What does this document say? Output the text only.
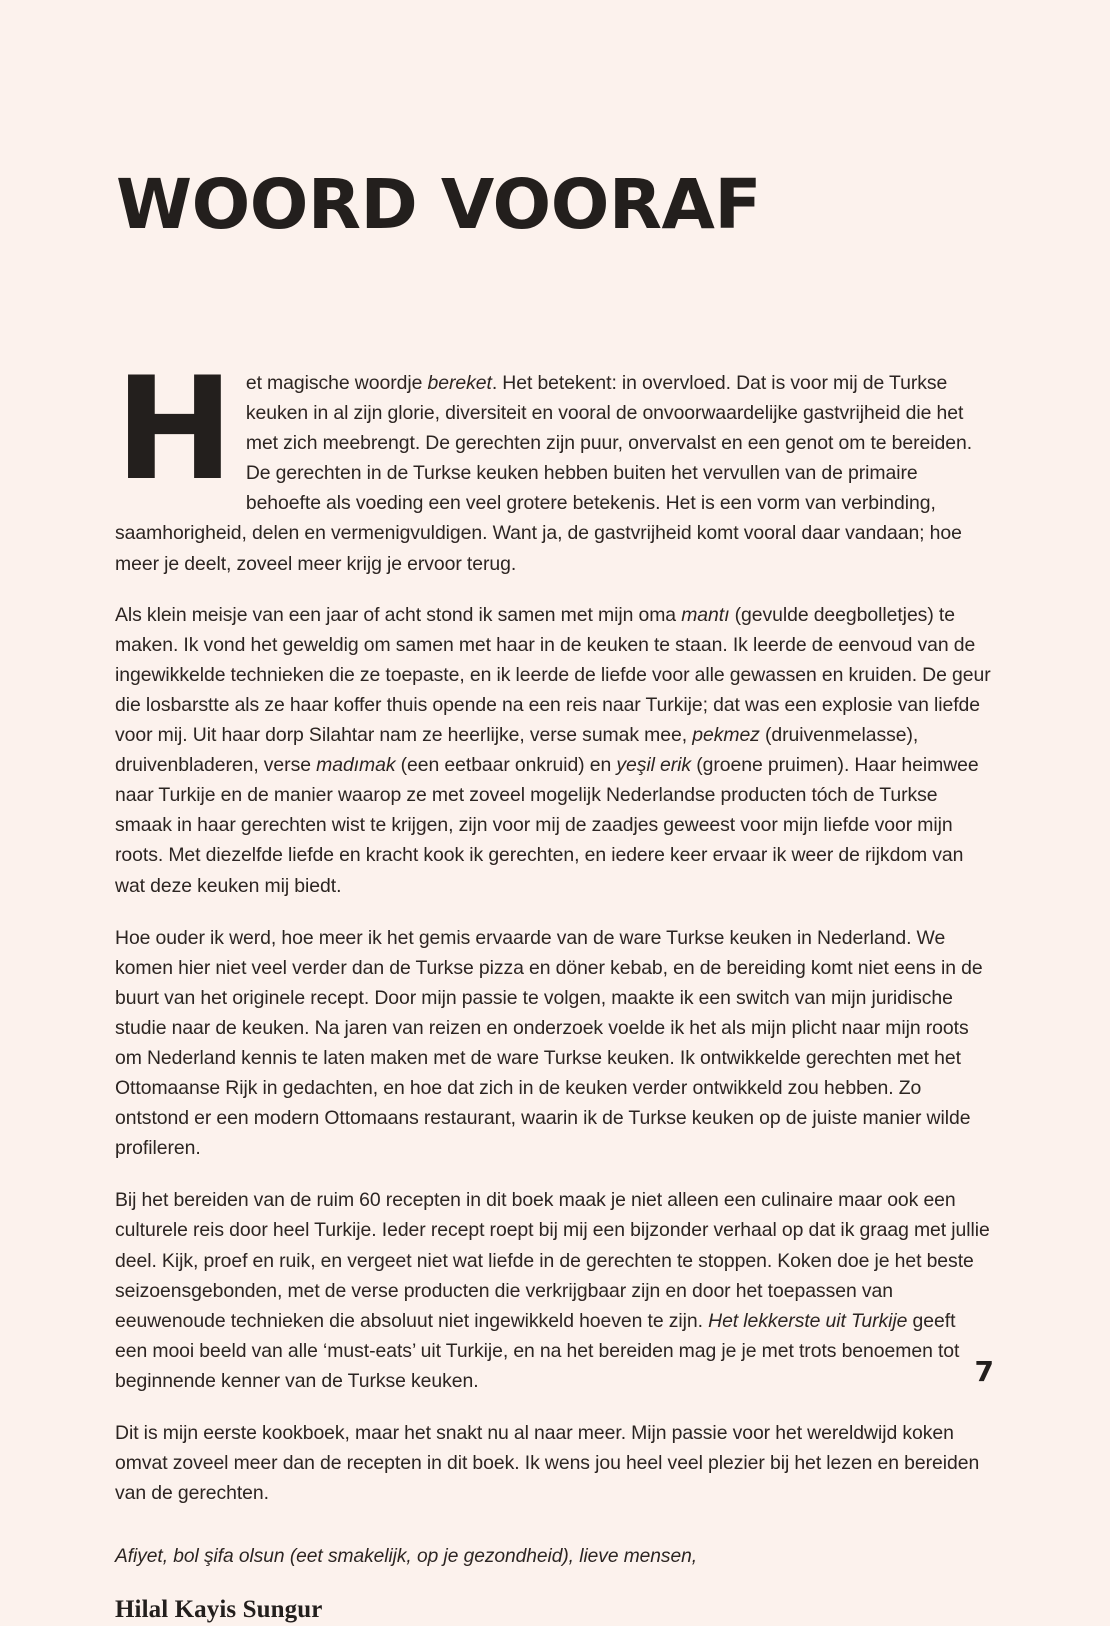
WOORD VOORAF

Het magische woordje bereket. Het betekent: in overvloed. Dat is voor mij de Turkse keuken in al zijn glorie, diversiteit en vooral de onvoorwaardelijke gastvrijheid die het met zich meebrengt. De gerechten zijn puur, onvervalst en een genot om te bereiden. De gerechten in de Turkse keuken hebben buiten het vervullen van de primaire behoefte als voeding een veel grotere betekenis. Het is een vorm van verbinding, saamhorigheid, delen en vermenigvuldigen. Want ja, de gastvrijheid komt vooral daar vandaan; hoe meer je deelt, zoveel meer krijg je ervoor terug.

Als klein meisje van een jaar of acht stond ik samen met mijn oma mantı (gevulde deegbolletjes) te maken. Ik vond het geweldig om samen met haar in de keuken te staan. Ik leerde de eenvoud van de ingewikkelde technieken die ze toepaste, en ik leerde de liefde voor alle gewassen en kruiden. De geur die losbarstte als ze haar koffer thuis opende na een reis naar Turkije; dat was een explosie van liefde voor mij. Uit haar dorp Silahtar nam ze heerlijke, verse sumak mee, pekmez (druivenmelasse), druivenbladeren, verse madımak (een eetbaar onkruid) en yeşil erik (groene pruimen). Haar heimwee naar Turkije en de manier waarop ze met zoveel mogelijk Nederlandse producten tóch de Turkse smaak in haar gerechten wist te krijgen, zijn voor mij de zaadjes geweest voor mijn liefde voor mijn roots. Met diezelfde liefde en kracht kook ik gerechten, en iedere keer ervaar ik weer de rijkdom van wat deze keuken mij biedt.

Hoe ouder ik werd, hoe meer ik het gemis ervaarde van de ware Turkse keuken in Nederland. We komen hier niet veel verder dan de Turkse pizza en döner kebab, en de bereiding komt niet eens in de buurt van het originele recept. Door mijn passie te volgen, maakte ik een switch van mijn juridische studie naar de keuken. Na jaren van reizen en onderzoek voelde ik het als mijn plicht naar mijn roots om Nederland kennis te laten maken met de ware Turkse keuken. Ik ontwikkelde gerechten met het Ottomaanse Rijk in gedachten, en hoe dat zich in de keuken verder ontwikkeld zou hebben. Zo ontstond er een modern Ottomaans restaurant, waarin ik de Turkse keuken op de juiste manier wilde profileren.

Bij het bereiden van de ruim 60 recepten in dit boek maak je niet alleen een culinaire maar ook een culturele reis door heel Turkije. Ieder recept roept bij mij een bijzonder verhaal op dat ik graag met jullie deel. Kijk, proef en ruik, en vergeet niet wat liefde in de gerechten te stoppen. Koken doe je het beste seizoensgebonden, met de verse producten die verkrijgbaar zijn en door het toepassen van eeuwenoude technieken die absoluut niet ingewikkeld hoeven te zijn. Het lekkerste uit Turkije geeft een mooi beeld van alle ‘must-eats’ uit Turkije, en na het bereiden mag je je met trots benoemen tot beginnende kenner van de Turkse keuken.

Dit is mijn eerste kookboek, maar het snakt nu al naar meer. Mijn passie voor het wereldwijd koken omvat zoveel meer dan de recepten in dit boek. Ik wens jou heel veel plezier bij het lezen en bereiden van de gerechten.

Afiyet, bol şifa olsun (eet smakelijk, op je gezondheid), lieve mensen,

Hilal Kayis Sungur

7
